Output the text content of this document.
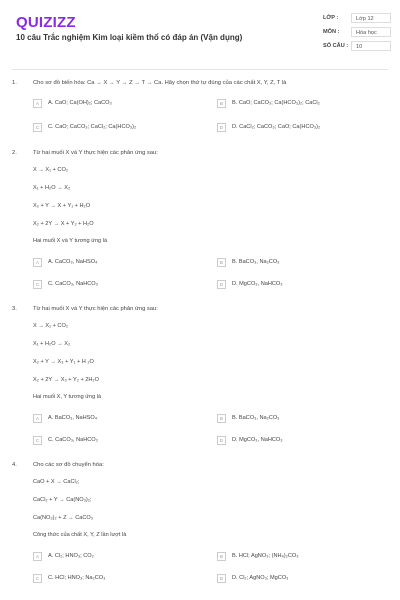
QUIZIZZ
10 câu Trắc nghiệm Kim loại kiềm thổ có đáp án (Vận dụng)
LỚP :	Lớp 12
MÔN :	Hóa học
SỐ CÂU :	10
1.	Cho sơ đồ biến hóa: Ca → X → Y → Z → T → Ca. Hãy chọn thứ tự đúng của các chất X, Y, Z, T là
A	A. CaO; Ca(OH)₂; CaCO₃	B	B. CaO; CaCO₃; Ca(HCO₃)₂; CaCl₂
C	C. CaO; CaCO₃; CaCl₂; Ca(HCO₃)₂	D	D. CaCl₂; CaCO₃; CaO; Ca(HCO₃)₂
2.	Từ hai muối X và Y thực hiện các phản ứng sau:
X → X₁ + CO₂
X₁ + H₂O → X₂
X₂ + Y → X + Y₁ + H₂O
X₂ + 2Y → X + Y₂ + H₂O
Hai muối X và Y tương ứng là
A	A. CaCO₃, NaHSO₄	B	B. BaCO₃, Na₂CO₃
C	C. CaCO₃, NaHCO₃	D	D. MgCO₃, NaHCO₃
3.	Từ hai muối X và Y thực hiện các phản ứng sau:
X → X₁ + CO₂
X₁ + H₂O → X₂
X₂ + Y → X₃ + Y₁ + H ₂O
X₂ + 2Y → X₃ + Y₂ + 2H₂O
Hai muối X, Y tương ứng là
A	A. BaCO₃, NaHSO₄	B	B. BaCO₃, Na₂CO₃
C	C. CaCO₃, NaHCO₃	D	D. MgCO₃, NaHCO₃
4.	Cho các sơ đồ chuyển hóa:
CaO + X → CaCl₂;
CaCl₂ + Y → Ca(NO₃)₂;
Ca(NO₃)₂ + Z → CaCO₃
Công thức của chất X, Y, Z lần lượt là
A	A. Cl₂; HNO₃; CO₂	B	B. HCl; AgNO₃; (NH₄)₂CO₃
C	C. HCl; HNO₃; Na₂CO₃	D	D. Cl₂; AgNO₃; MgCO₃
